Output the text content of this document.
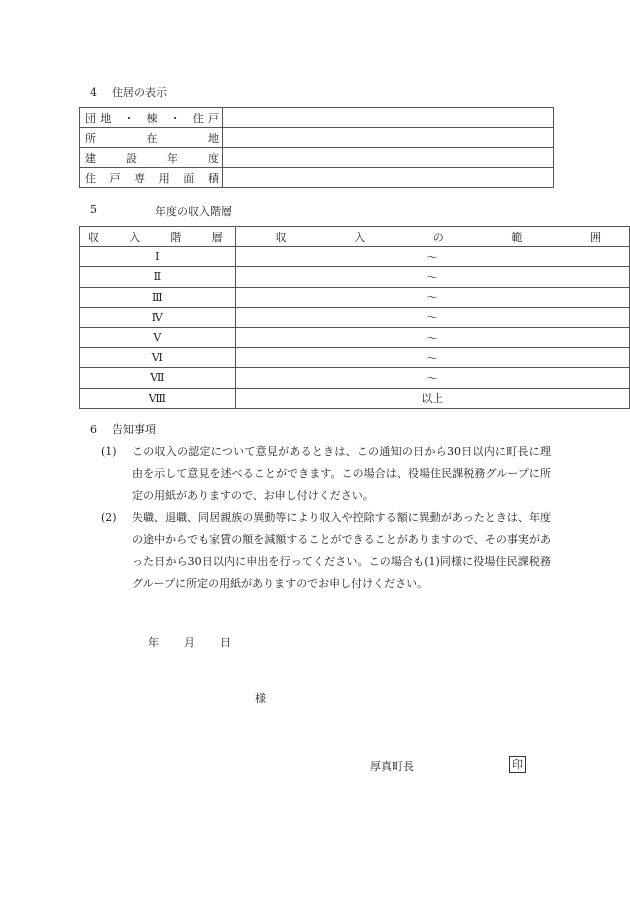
4 住居の表示
団地 ・ 棟 ・ 住戸	
所在地	
建設年度	
住戸専用面積	
5	年度の収入階層
収入階層	収入の範囲
Ⅰ	～
Ⅱ	～
Ⅲ	～
Ⅳ	～
Ⅴ	～
Ⅵ	～
Ⅶ	～
Ⅷ	以上
6 告知事項
(1)	この収入の認定について意見があるときは、この通知の日から30日以内に町長に理由を示して意見を述べることができます。この場合は、役場住民課税務グループに所定の用紙がありますので、お申し付けください。
(2)	失職、退職、同居親族の異動等により収入や控除する額に異動があったときは、年度の途中からでも家賃の額を減額することができることがありますので、その事実があった日から30日以内に申出を行ってください。この場合も(1)同様に役場住民課税務グループに所定の用紙がありますのでお申し付けください。
年 月 日
様
厚真町長	印
